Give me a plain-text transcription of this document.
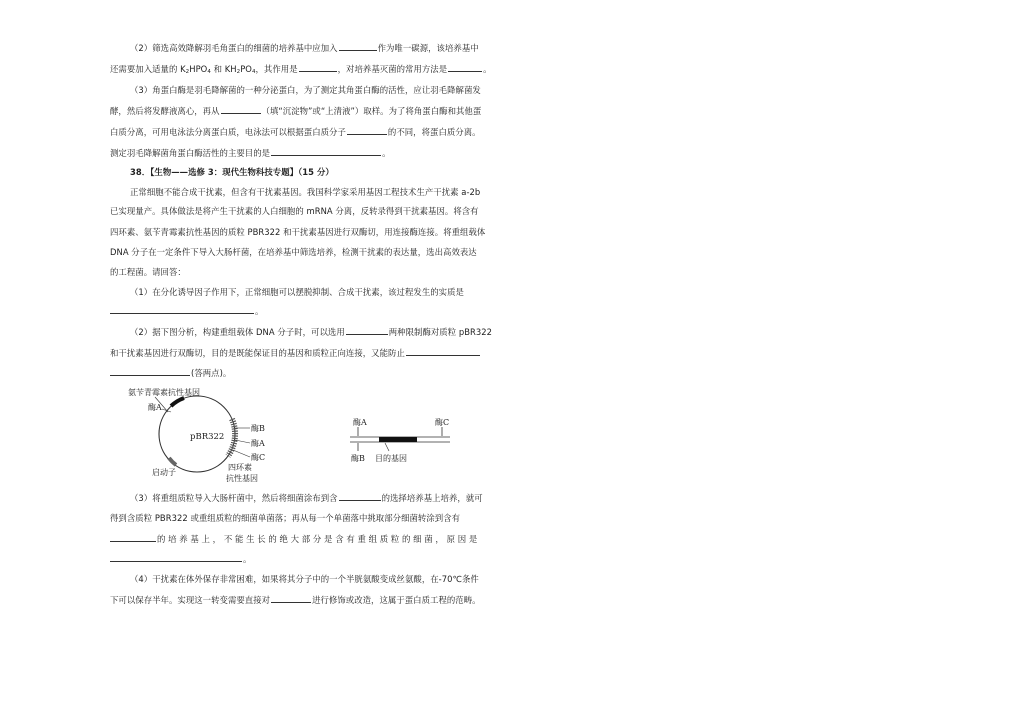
（2）筛选高效降解羽毛角蛋白的细菌的培养基中应加入	作为唯一碳源，该培养基中
还需要加入适量的 $K_2HPO_4$ 和 $KH_2PO_4$，其作用是	，对培养基灭菌的常用方法是	。
（3）角蛋白酶是羽毛降解菌的一种分泌蛋白，为了测定其角蛋白酶的活性，应让羽毛降解菌发
酵，然后将发酵液离心，再从	（填“沉淀物”或“上清液”）取样。为了将角蛋白酶和其他蛋
白质分离，可用电泳法分离蛋白质，电泳法可以根据蛋白质分子	的不同，将蛋白质分离。
测定羽毛降解菌角蛋白酶活性的主要目的是	。
38．【生物——选修 3：现代生物科技专题】（15 分）
正常细胞不能合成干扰素，但含有干扰素基因。我国科学家采用基因工程技术生产干扰素 a-2b
已实现量产。具体做法是将产生干扰素的人白细胞的 mRNA 分离，反转录得到干扰素基因。将含有
四环素、氨苄青霉素抗性基因的质粒 PBR322 和干扰素基因进行双酶切，用连接酶连接。将重组载体
DNA 分子在一定条件下导入大肠杆菌，在培养基中筛选培养，检测干扰素的表达量，选出高效表达
的工程菌。请回答：
（1）在分化诱导因子作用下，正常细胞可以摆脱抑制、合成干扰素，该过程发生的实质是
。
（2）据下图分析，构建重组载体 DNA 分子时，可以选用	两种限制酶对质粒 pBR322
和干扰素基因进行双酶切，目的是既能保证目的基因和质粒正向连接，又能防止
(答两点)。
氨苄青霉素抗性基因
酶A
pBR322
酶B
酶A
酶C
启动子
四环素
抗性基因
酶A	酶C
酶B 目的基因
（3）将重组质粒导入大肠杆菌中，然后将细菌涂布到含	的选择培养基上培养，就可
得到含质粒 PBR322 或重组质粒的细菌单菌落；再从每一个单菌落中挑取部分细菌转涂到含有
的 培 养 基 上 ， 不 能 生 长 的 绝 大 部 分 是 含 有 重 组 质 粒 的 细 菌 ， 原 因 是
。
（4）干扰素在体外保存非常困难，如果将其分子中的一个半胱氨酸变成丝氨酸，在-70℃条件
下可以保存半年。实现这一转变需要直接对	进行修饰或改造，这属于蛋白质工程的范畴。
